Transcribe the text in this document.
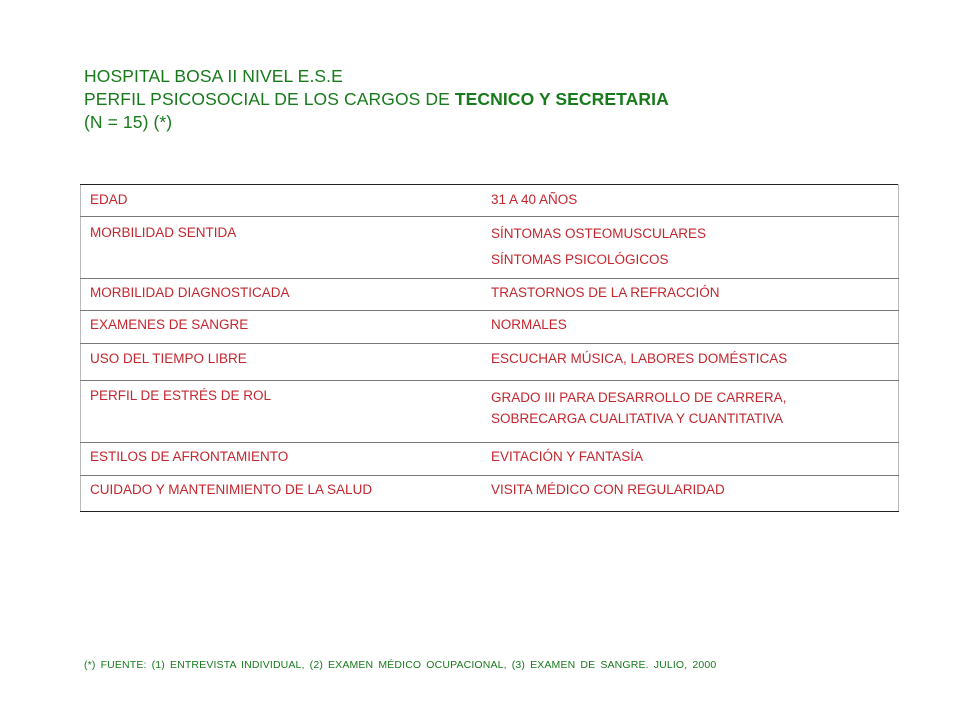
HOSPITAL BOSA II NIVEL E.S.E
PERFIL PSICOSOCIAL DE LOS CARGOS DE TECNICO Y SECRETARIA
(N = 15) (*)
EDAD	31 A 40 AÑOS
MORBILIDAD SENTIDA	SÍNTOMAS OSTEOMUSCULARES
SÍNTOMAS PSICOLÓGICOS

MORBILIDAD DIAGNOSTICADA	TRASTORNOS DE LA REFRACCIÓN
EXAMENES DE SANGRE	NORMALES
USO DEL TIEMPO LIBRE	ESCUCHAR MÚSICA, LABORES DOMÉSTICAS
PERFIL DE ESTRÉS DE ROL	GRADO III PARA DESARROLLO DE CARRERA,
SOBRECARGA CUALITATIVA Y CUANTITATIVA

ESTILOS DE AFRONTAMIENTO	EVITACIÓN Y FANTASÍA
CUIDADO Y MANTENIMIENTO DE LA SALUD	VISITA MÉDICO CON REGULARIDAD
(*) FUENTE: (1) ENTREVISTA INDIVIDUAL, (2) EXAMEN MÉDICO OCUPACIONAL, (3) EXAMEN DE SANGRE. JULIO, 2000
